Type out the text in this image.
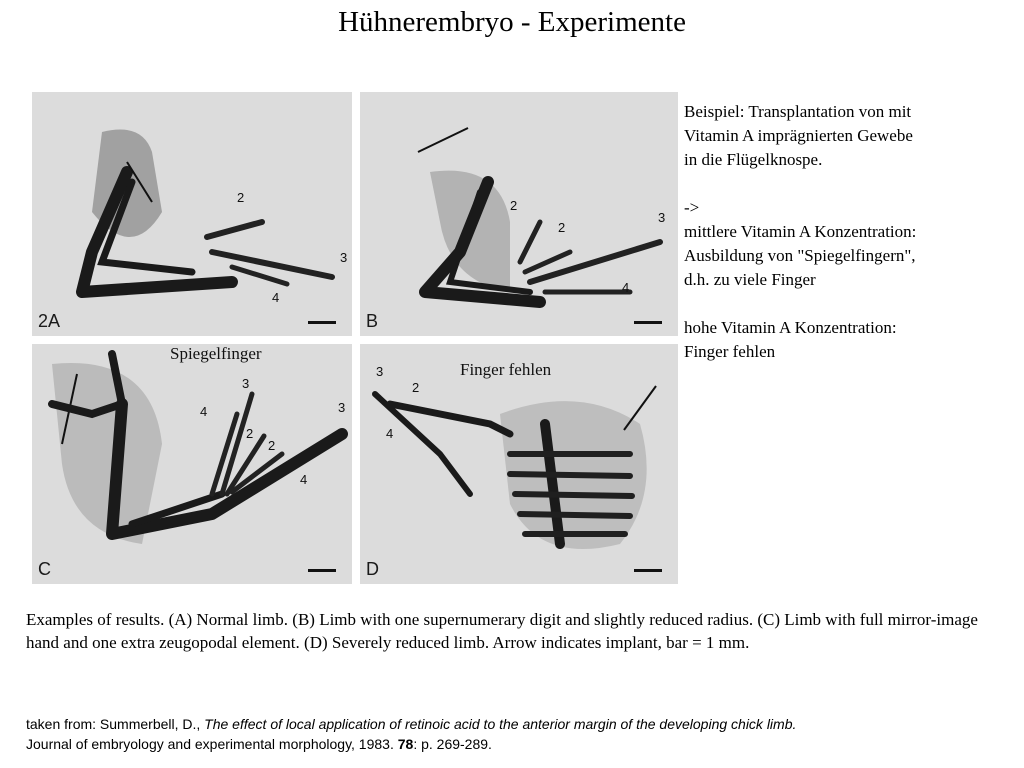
Hühnerembryo - Experimente
2
3
4
2A
2
2
3
4
B
3
4
2
2
3
4
C
3
2
4
D
Spiegelfinger
Finger fehlen

Beispiel: Transplantation von mit

Vitamin A imprägnierten Gewebe

in die Flügelknospe.

->

mittlere Vitamin A Konzentration:

Ausbildung von "Spiegelfingern",

d.h. zu viele Finger

hohe Vitamin A Konzentration:

Finger fehlen

Examples of results. (A) Normal limb. (B) Limb with one supernumerary digit and slightly reduced radius. (C) Limb with full mirror-image hand and one extra zeugopodal element. (D) Severely reduced limb. Arrow indicates implant, bar = 1 mm.
taken from: Summerbell, D., The effect of local application of retinoic acid to the anterior margin of the developing chick limb.
Journal of embryology and experimental morphology, 1983. 78: p. 269-289.
